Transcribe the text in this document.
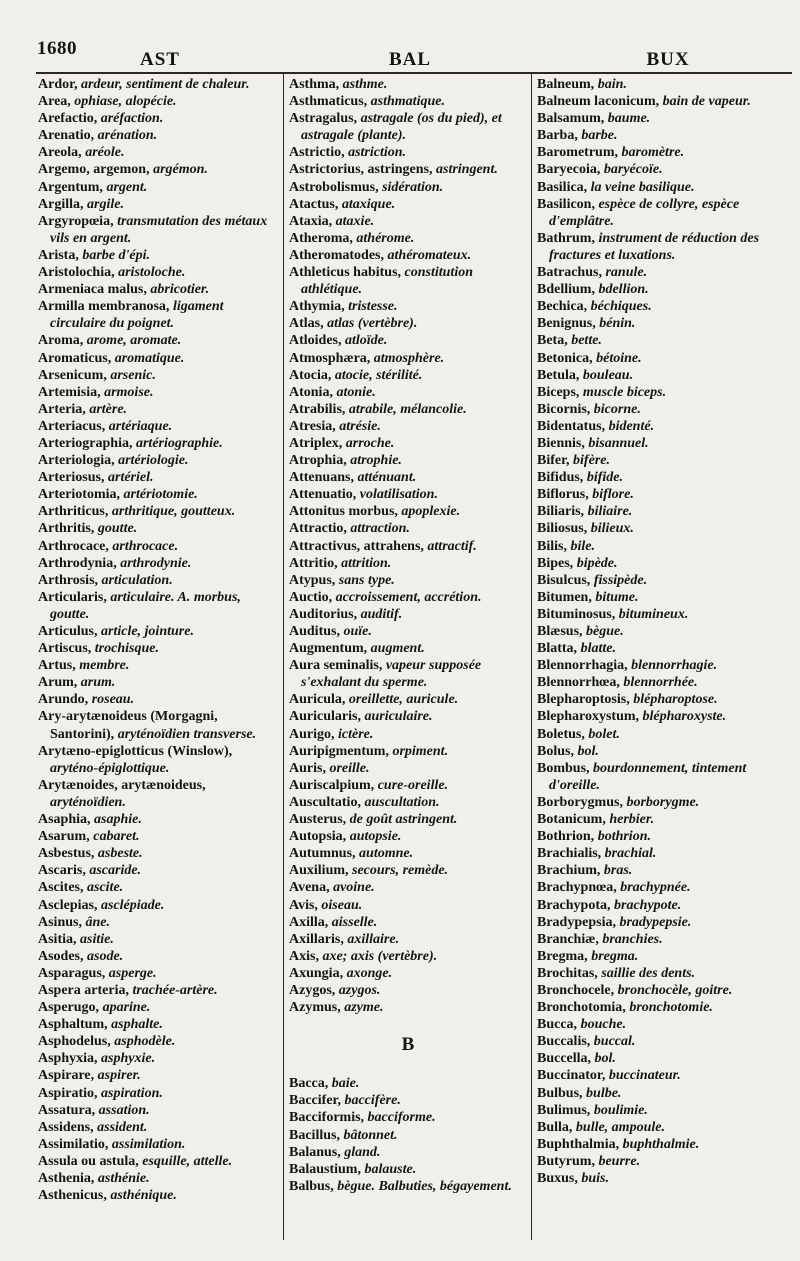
1680
AST	BAL	BUX
Ardor, ardeur, sentiment de chaleur.
Area, ophiase, alopécie.
Arefactio, aréfaction.
Arenatio, arénation.
Areola, aréole.
Argemo, argemon, argémon.
Argentum, argent.
Argilla, argile.
Argyropœia, transmutation des métaux vils en argent.
Arista, barbe d'épi.
Aristolochia, aristoloche.
Armeniaca malus, abricotier.
Armilla membranosa, ligament circulaire du poignet.
Aroma, arome, aromate.
Aromaticus, aromatique.
Arsenicum, arsenic.
Artemisia, armoise.
Arteria, artère.
Arteriacus, artériaque.
Arteriographia, artériographie.
Arteriologia, artériologie.
Arteriosus, artériel.
Arteriotomia, artériotomie.
Arthriticus, arthritique, goutteux.
Arthritis, goutte.
Arthrocace, arthrocace.
Arthrodynia, arthrodynie.
Arthrosis, articulation.
Articularis, articulaire. A. morbus, goutte.
Articulus, article, jointure.
Artiscus, trochisque.
Artus, membre.
Arum, arum.
Arundo, roseau.
Ary-arytænoideus (Morgagni, Santorini), aryténoïdien transverse.
Arytæno-epiglotticus (Winslow), aryténo-épiglottique.
Arytænoides, arytænoideus, aryténoïdien.
Asaphia, asaphie.
Asarum, cabaret.
Asbestus, asbeste.
Ascaris, ascaride.
Ascites, ascite.
Asclepias, asclépiade.
Asinus, âne.
Asitia, asitie.
Asodes, asode.
Asparagus, asperge.
Aspera arteria, trachée-artère.
Asperugo, aparine.
Asphaltum, asphalte.
Asphodelus, asphodèle.
Asphyxia, asphyxie.
Aspirare, aspirer.
Aspiratio, aspiration.
Assatura, assation.
Assidens, assident.
Assimilatio, assimilation.
Assula ou astula, esquille, attelle.
Asthenia, asthénie.
Asthenicus, asthénique.
Asthma, asthme.
Asthmaticus, asthmatique.
Astragalus, astragale (os du pied), et astragale (plante).
Astrictio, astriction.
Astrictorius, astringens, astringent.
Astrobolismus, sidération.
Atactus, ataxique.
Ataxia, ataxie.
Atheroma, athérome.
Atheromatodes, athéromateux.
Athleticus habitus, constitution athlétique.
Athymia, tristesse.
Atlas, atlas (vertèbre).
Atloides, atloïde.
Atmosphæra, atmosphère.
Atocia, atocie, stérilité.
Atonia, atonie.
Atrabilis, atrabile, mélancolie.
Atresia, atrésie.
Atriplex, arroche.
Atrophia, atrophie.
Attenuans, atténuant.
Attenuatio, volatilisation.
Attonitus morbus, apoplexie.
Attractio, attraction.
Attractivus, attrahens, attractif.
Attritio, attrition.
Atypus, sans type.
Auctio, accroissement, accrétion.
Auditorius, auditif.
Auditus, ouïe.
Augmentum, augment.
Aura seminalis, vapeur supposée s'exhalant du sperme.
Auricula, oreillette, auricule.
Auricularis, auriculaire.
Aurigo, ictère.
Auripigmentum, orpiment.
Auris, oreille.
Auriscalpium, cure-oreille.
Auscultatio, auscultation.
Austerus, de goût astringent.
Autopsia, autopsie.
Autumnus, automne.
Auxilium, secours, remède.
Avena, avoine.
Avis, oiseau.
Axilla, aisselle.
Axillaris, axillaire.
Axis, axe; axis (vertèbre).
Axungia, axonge.
Azygos, azygos.
Azymus, azyme.
B
Bacca, baie.
Baccifer, baccifère.
Bacciformis, bacciforme.
Bacillus, bâtonnet.
Balanus, gland.
Balaustium, balauste.
Balbus, bègue. Balbuties, bégayement.
Balneum, bain.
Balneum laconicum, bain de vapeur.
Balsamum, baume.
Barba, barbe.
Barometrum, baromètre.
Baryecoia, baryécoïe.
Basilica, la veine basilique.
Basilicon, espèce de collyre, espèce d'emplâtre.
Bathrum, instrument de réduction des fractures et luxations.
Batrachus, ranule.
Bdellium, bdellion.
Bechica, béchiques.
Benignus, bénin.
Beta, bette.
Betonica, bétoine.
Betula, bouleau.
Biceps, muscle biceps.
Bicornis, bicorne.
Bidentatus, bidenté.
Biennis, bisannuel.
Bifer, bifère.
Bifidus, bifide.
Biflorus, biflore.
Biliaris, biliaire.
Biliosus, bilieux.
Bilis, bile.
Bipes, bipède.
Bisulcus, fissipède.
Bitumen, bitume.
Bituminosus, bitumineux.
Blæsus, bègue.
Blatta, blatte.
Blennorrhagia, blennorrhagie.
Blennorrhœa, blennorrhée.
Blepharoptosis, blépharoptose.
Blepharoxystum, blépharoxyste.
Boletus, bolet.
Bolus, bol.
Bombus, bourdonnement, tintement d'oreille.
Borborygmus, borborygme.
Botanicum, herbier.
Bothrion, bothrion.
Brachialis, brachial.
Brachium, bras.
Brachypnœa, brachypnée.
Brachypota, brachypote.
Bradypepsia, bradypepsie.
Branchiæ, branchies.
Bregma, bregma.
Brochitas, saillie des dents.
Bronchocele, bronchocèle, goitre.
Bronchotomia, bronchotomie.
Bucca, bouche.
Buccalis, buccal.
Buccella, bol.
Buccinator, buccinateur.
Bulbus, bulbe.
Bulimus, boulimie.
Bulla, bulle, ampoule.
Buphthalmia, buphthalmie.
Butyrum, beurre.
Buxus, buis.
